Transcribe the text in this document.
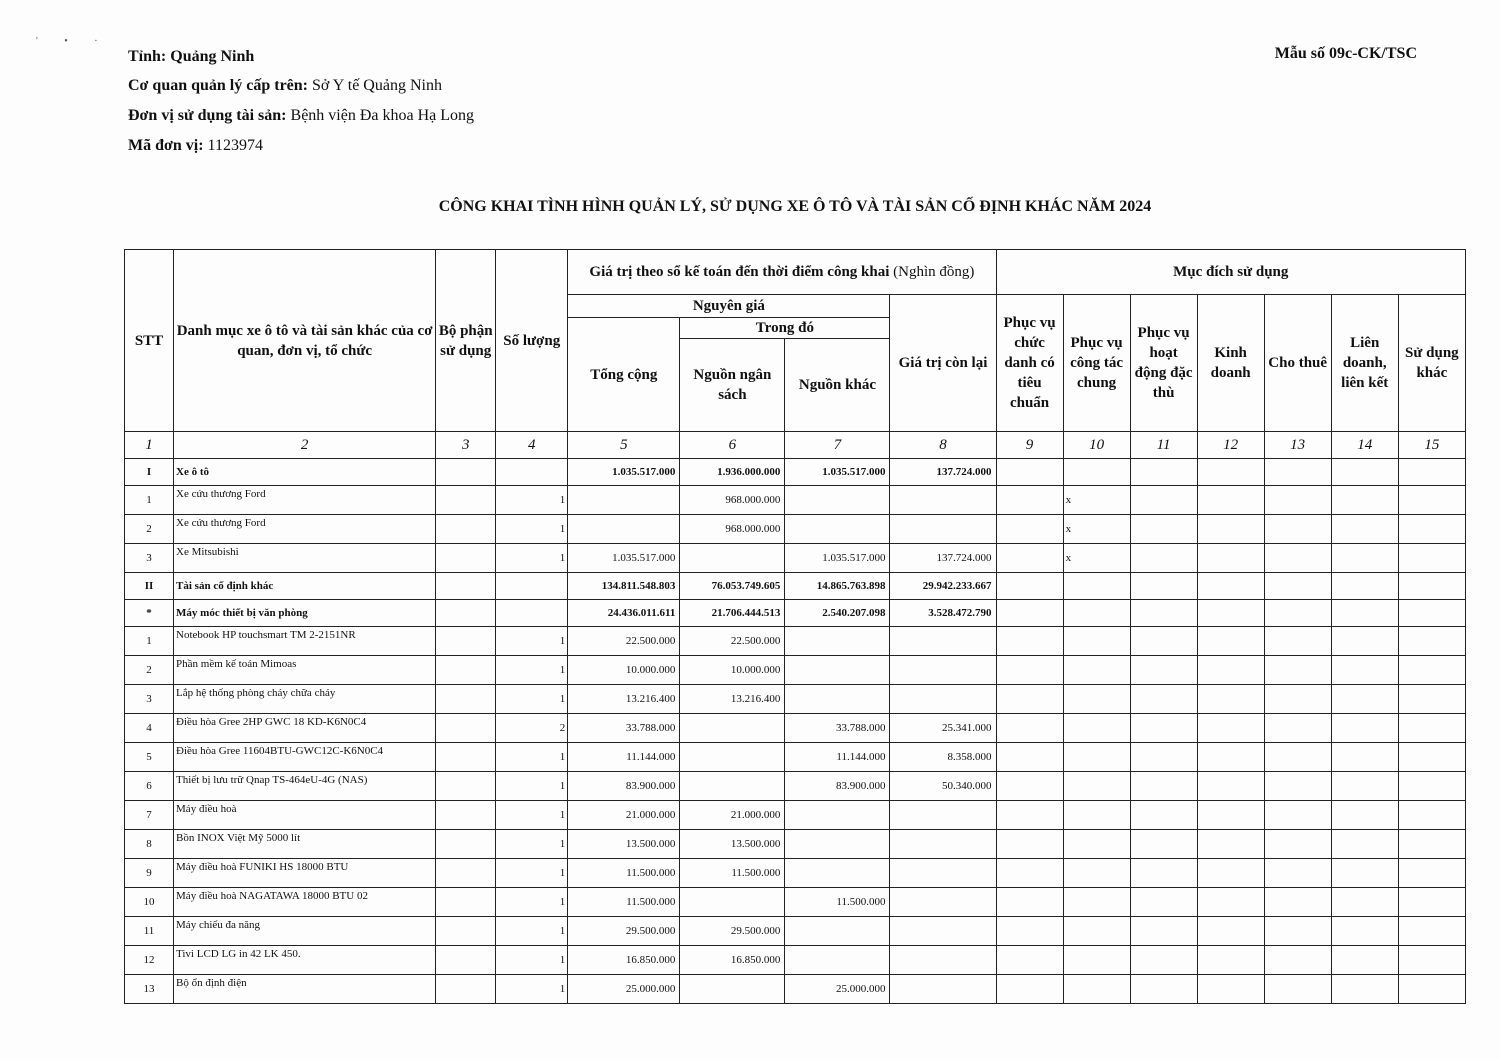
' • ·
Tỉnh: Quảng Ninh
Cơ quan quản lý cấp trên: Sở Y tế Quảng Ninh
Đơn vị sử dụng tài sản: Bệnh viện Đa khoa Hạ Long
Mã đơn vị: 1123974
Mẫu số 09c-CK/TSC
CÔNG KHAI TÌNH HÌNH QUẢN LÝ, SỬ DỤNG XE Ô TÔ VÀ TÀI SẢN CỐ ĐỊNH KHÁC NĂM 2024
STT	Danh mục xe ô tô và tài sản khác của cơ quan, đơn vị, tổ chức	Bộ phận sử dụng	Số lượng	Giá trị theo sổ kế toán đến thời điểm công khai (Nghìn đồng)				Mục đích sử dụng						
				Nguyên giá			Giá trị còn lại	Phục vụ chức danh có tiêu chuẩn	Phục vụ công tác chung	Phục vụ hoạt động đặc thù	Kinh doanh	Cho thuê	Liên doanh, liên kết	Sử dụng khác
				Tổng cộng	Trong đó									
					Nguồn ngân sách	Nguồn khác								
1	2	3	4	5	6	7	8	9	10	11	12	13	14	15
I	Xe ô tô			1.035.517.000	1.936.000.000	1.035.517.000	137.724.000							
1	Xe cứu thương Ford		1		968.000.000				x					
2	Xe cứu thương Ford		1		968.000.000				x					
3	Xe Mitsubishi		1	1.035.517.000		1.035.517.000	137.724.000		x					
II	Tài sản cố định khác			134.811.548.803	76.053.749.605	14.865.763.898	29.942.233.667							
*	Máy móc thiết bị văn phòng			24.436.011.611	21.706.444.513	2.540.207.098	3.528.472.790							
1	Notebook HP touchsmart TM 2-2151NR		1	22.500.000	22.500.000									
2	Phần mềm kế toán Mimoas		1	10.000.000	10.000.000									
3	Lắp hệ thống phòng cháy chữa cháy		1	13.216.400	13.216.400									
4	Điều hòa Gree 2HP GWC 18 KD-K6N0C4		2	33.788.000		33.788.000	25.341.000							
5	Điều hòa Gree 11604BTU-GWC12C-K6N0C4		1	11.144.000		11.144.000	8.358.000							
6	Thiết bị lưu trữ Qnap TS-464eU-4G (NAS)		1	83.900.000		83.900.000	50.340.000							
7	Máy điều hoà		1	21.000.000	21.000.000									
8	Bồn INOX Việt Mỹ 5000 lít		1	13.500.000	13.500.000									
9	Máy điều hoà FUNIKI HS 18000 BTU		1	11.500.000	11.500.000									
10	Máy điều hoà NAGATAWA 18000 BTU 02		1	11.500.000		11.500.000								
11	Máy chiếu đa năng		1	29.500.000	29.500.000									
12	Tivi LCD LG in 42 LK 450.		1	16.850.000	16.850.000									
13	Bộ ổn định điện		1	25.000.000		25.000.000								
